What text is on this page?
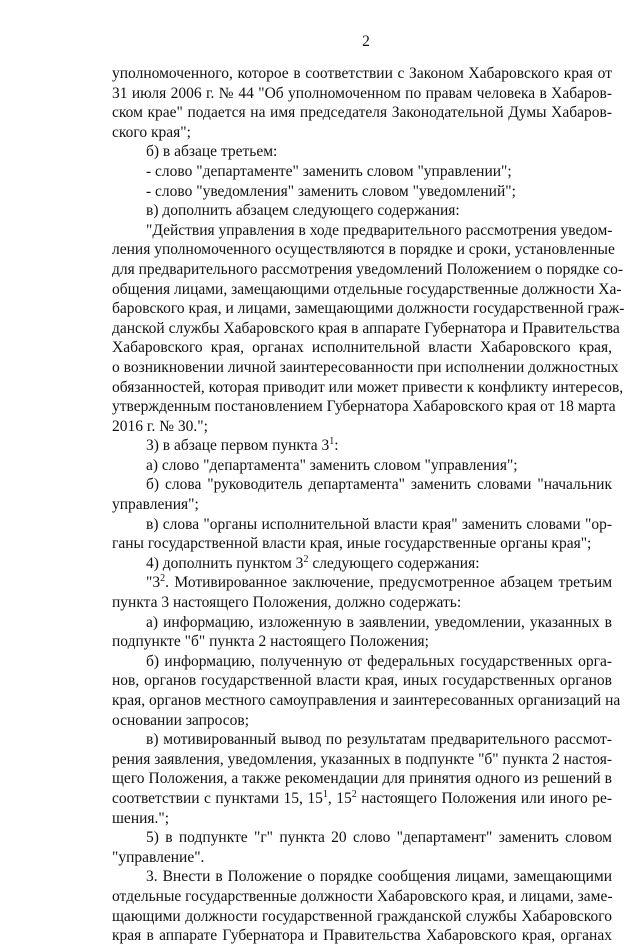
2
уполномоченного, которое в соответствии с Законом Хабаровского края от
31 июля 2006 г. № 44 "Об уполномоченном по правам человека в Хабаров-
ском крае" подается на имя председателя Законодательной Думы Хабаров-
ского края";
б) в абзаце третьем:
- слово "департаменте" заменить словом "управлении";
- слово "уведомления" заменить словом "уведомлений";
в) дополнить абзацем следующего содержания:
"Действия управления в ходе предварительного рассмотрения уведом-
ления уполномоченного осуществляются в порядке и сроки, установленные
для предварительного рассмотрения уведомлений Положением о порядке со-
общения лицами, замещающими отдельные государственные должности Ха-
баровского края, и лицами, замещающими должности государственной граж-
данской службы Хабаровского края в аппарате Губернатора и Правительства
Хабаровского края, органах исполнительной власти Хабаровского края,
о возникновении личной заинтересованности при исполнении должностных
обязанностей, которая приводит или может привести к конфликту интересов,
утвержденным постановлением Губернатора Хабаровского края от 18 марта
2016 г. № 30.";
3) в абзаце первом пункта $3^1$:
а) слово "департамента" заменить словом "управления";
б) слова "руководитель департамента" заменить словами "начальник
управления";
в) слова "органы исполнительной власти края" заменить словами "ор-
ганы государственной власти края, иные государственные органы края";
4) дополнить пунктом $3^2$ следующего содержания:
"$3^2$. Мотивированное заключение, предусмотренное абзацем третьим
пункта 3 настоящего Положения, должно содержать:
а) информацию, изложенную в заявлении, уведомлении, указанных в
подпункте "б" пункта 2 настоящего Положения;
б) информацию, полученную от федеральных государственных орга-
нов, органов государственной власти края, иных государственных органов
края, органов местного самоуправления и заинтересованных организаций на
основании запросов;
в) мотивированный вывод по результатам предварительного рассмот-
рения заявления, уведомления, указанных в подпункте "б" пункта 2 настоя-
щего Положения, а также рекомендации для принятия одного из решений в
соответствии с пунктами 15, $15^1$, $15^2$ настоящего Положения или иного ре-
шения.";
5) в подпункте "г" пункта 20 слово "департамент" заменить словом
"управление".
3. Внести в Положение о порядке сообщения лицами, замещающими
отдельные государственные должности Хабаровского края, и лицами, заме-
щающими должности государственной гражданской службы Хабаровского
края в аппарате Губернатора и Правительства Хабаровского края, органах
